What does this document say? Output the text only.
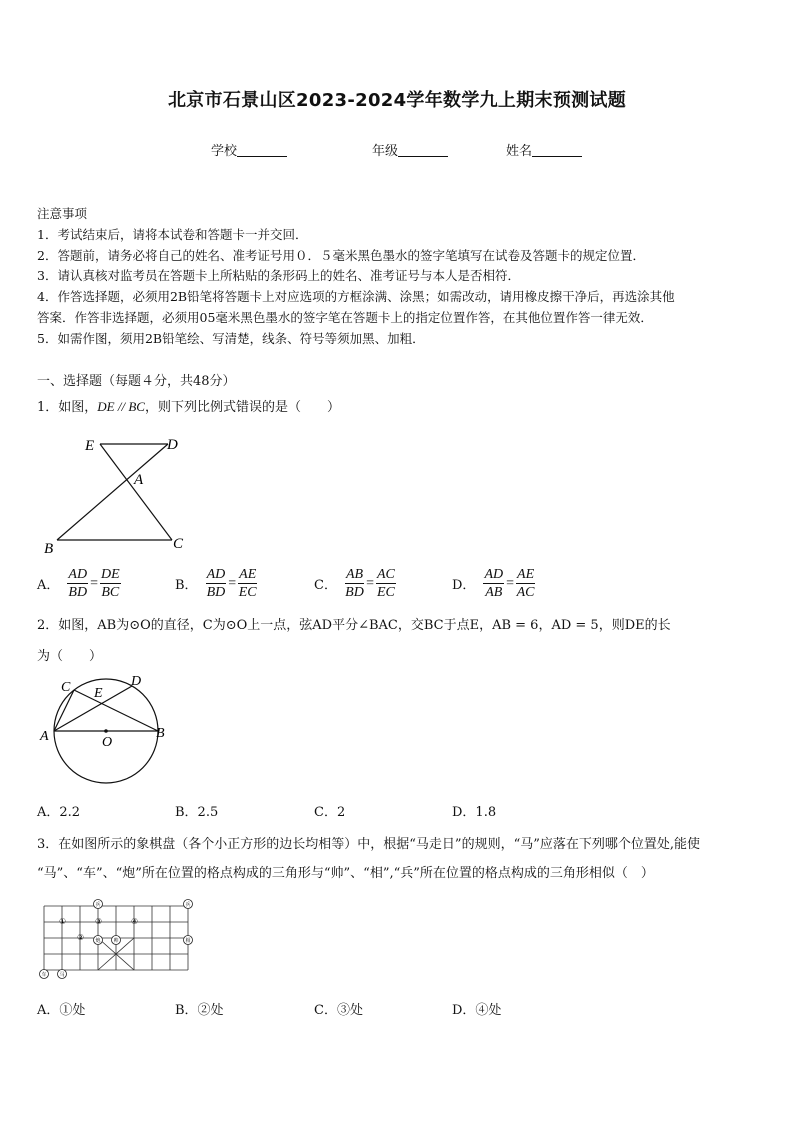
北京市石景山区2023-2024学年数学九上期末预测试题
学校	年级	姓名
注意事项
1．考试结束后，请将本试卷和答题卡一并交回．
2．答题前，请务必将自己的姓名、准考证号用０．５毫米黑色墨水的签字笔填写在试卷及答题卡的规定位置．
3．请认真核对监考员在答题卡上所粘贴的条形码上的姓名、准考证号与本人是否相符．
4．作答选择题，必须用2B铅笔将答题卡上对应选项的方框涂满、涂黑；如需改动，请用橡皮擦干净后，再选涂其他
答案．作答非选择题，必须用05毫米黑色墨水的签字笔在答题卡上的指定位置作答，在其他位置作答一律无效．
5．如需作图，须用2B铅笔绘、写清楚，线条、符号等须加黑、加粗．
一、选择题（每题４分，共48分）
1．如图，DE // BC，则下列比例式错误的是（　　）
E	D
A
B	C
A． $\frac{AD}{BD} = \frac{DE}{BC}$	B． $\frac{AD}{BD} = \frac{AE}{EC}$	C． $\frac{AB}{BD} = \frac{AC}{EC}$	D． $\frac{AD}{AB} = \frac{AE}{AC}$
2．如图，AB为⊙O的直径，C为⊙O上一点，弦AD平分∠BAC，交BC于点E，AB = 6，AD = 5，则DE的长
为（　　）
C E
D
A	O
B
A．2.2	B．2.5	C．2	D．1.8
3．在如图所示的象棋盘（各个小正方形的边长均相等）中，根据“马走日”的规则，“马”应落在下列哪个位置处,能使
“马”、“车”、“炮”所在位置的格点构成的三角形与“帅”、“相”,“兵”所在位置的格点构成的三角形相似（　）
兵	兵
相
帅
炮
车	马
①
②
③	④
A．①处	B．②处	C．③处	D．④处
